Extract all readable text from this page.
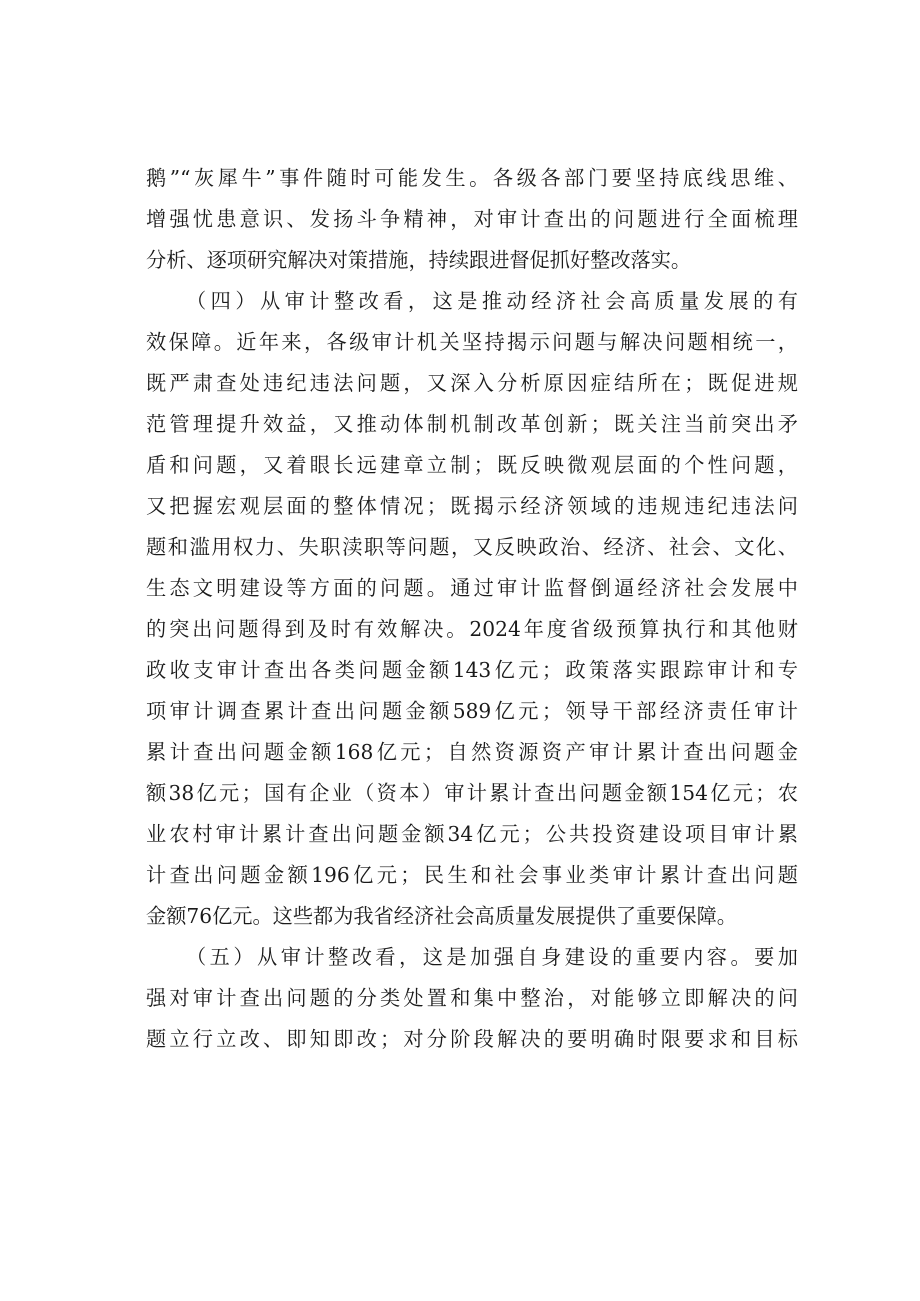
鹅”“灰犀牛”事件随时可能发生。各级各部门要坚持底线思维、
增强忧患意识、发扬斗争精神，对审计查出的问题进行全面梳理
分析、逐项研究解决对策措施，持续跟进督促抓好整改落实。
（四）从审计整改看，这是推动经济社会高质量发展的有
效保障。近年来，各级审计机关坚持揭示问题与解决问题相统一，
既严肃查处违纪违法问题，又深入分析原因症结所在；既促进规
范管理提升效益，又推动体制机制改革创新；既关注当前突出矛
盾和问题，又着眼长远建章立制；既反映微观层面的个性问题，
又把握宏观层面的整体情况；既揭示经济领域的违规违纪违法问
题和滥用权力、失职渎职等问题，又反映政治、经济、社会、文化、
生态文明建设等方面的问题。通过审计监督倒逼经济社会发展中
的突出问题得到及时有效解决。2024年度省级预算执行和其他财
政收支审计查出各类问题金额143亿元；政策落实跟踪审计和专
项审计调查累计查出问题金额589亿元；领导干部经济责任审计
累计查出问题金额168亿元；自然资源资产审计累计查出问题金
额38亿元；国有企业（资本）审计累计查出问题金额154亿元；农
业农村审计累计查出问题金额34亿元；公共投资建设项目审计累
计查出问题金额196亿元；民生和社会事业类审计累计查出问题
金额76亿元。这些都为我省经济社会高质量发展提供了重要保障。
（五）从审计整改看，这是加强自身建设的重要内容。要加
强对审计查出问题的分类处置和集中整治，对能够立即解决的问
题立行立改、即知即改；对分阶段解决的要明确时限要求和目标
